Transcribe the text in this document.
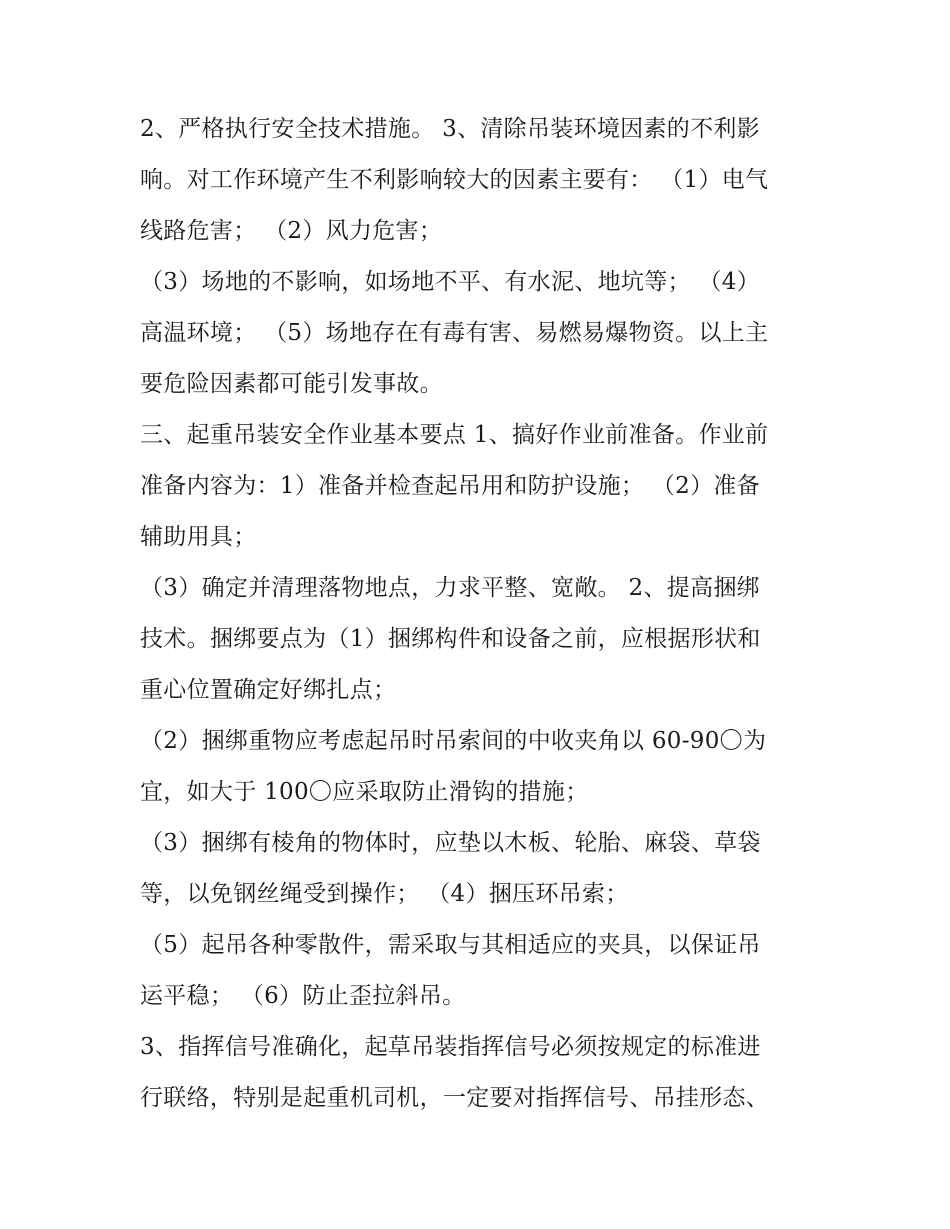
2、严格执行安全技术措施。 3、清除吊装环境因素的不利影
响。对工作环境产生不利影响较大的因素主要有： （1）电气
线路危害； （2）风力危害；
（3）场地的不影响，如场地不平、有水泥、地坑等； （4）
高温环境； （5）场地存在有毒有害、易燃易爆物资。以上主
要危险因素都可能引发事故。
三、起重吊装安全作业基本要点 1、搞好作业前准备。作业前
准备内容为：1）准备并检查起吊用和防护设施； （2）准备
辅助用具；
（3）确定并清理落物地点，力求平整、宽敞。 2、提高捆绑
技术。捆绑要点为（1）捆绑构件和设备之前，应根据形状和
重心位置确定好绑扎点；
（2）捆绑重物应考虑起吊时吊索间的中收夹角以 60-90〇为
宜，如大于 100〇应采取防止滑钩的措施；
（3）捆绑有棱角的物体时，应垫以木板、轮胎、麻袋、草袋
等，以免钢丝绳受到操作； （4）捆压环吊索；
（5）起吊各种零散件，需采取与其相适应的夹具，以保证吊
运平稳； （6）防止歪拉斜吊。
3、指挥信号准确化，起草吊装指挥信号必须按规定的标准进
行联络，特别是起重机司机，一定要对指挥信号、吊挂形态、
